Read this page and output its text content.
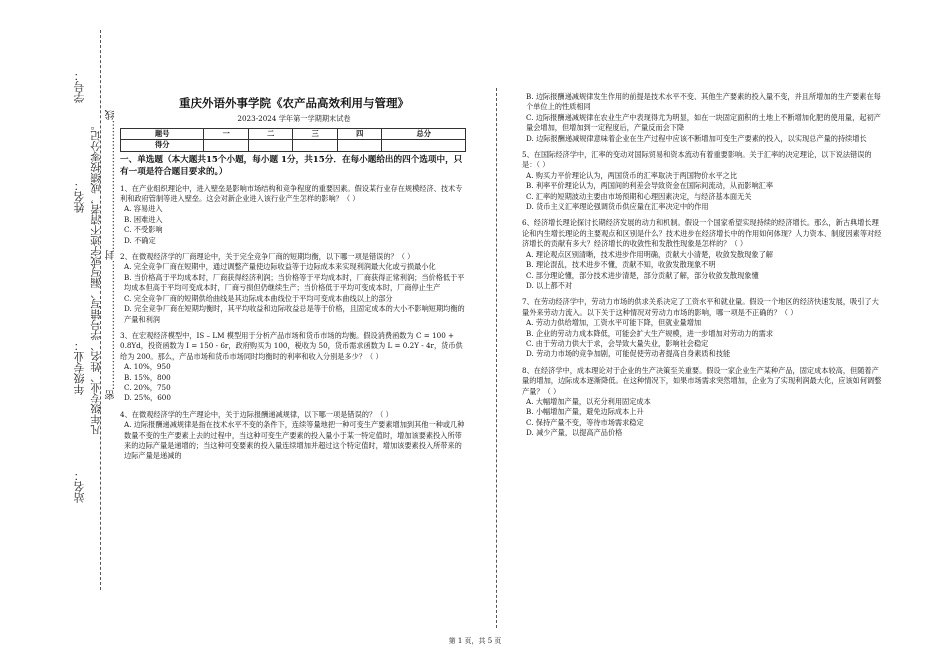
学号：
姓名：
年级专业：
站名：
凡年级专业、姓名、学号错写、漏写或字迹不清者，成绩按零分记。 密…………………………………封…………………………………线
重庆外语外事学院《农产品高效利用与管理》
2023-2024 学年第一学期期末试卷
题号	一	二	三	四	总分
得分					
一、单选题（本大题共15个小题，每小题 1分，共15分．在每小题给出的四个选项中，只有一项是符合题目要求的。）

1、在产业组织理论中，进入壁垒是影响市场结构和竞争程度的重要因素。假设某行业存在规模经济、技术专利和政府管制等进入壁垒。这会对新企业进入该行业产生怎样的影响？（ ）

A. 容易进入

B. 困难进入

C. 不受影响

D. 不确定

2、在微观经济学的厂商理论中，关于完全竞争厂商的短期均衡，以下哪一项是错误的？（ ）

A. 完全竞争厂商在短期中，通过调整产量使边际收益等于边际成本来实现利润最大化或亏损最小化

B. 当价格高于平均成本时，厂商获得经济利润；当价格等于平均成本时，厂商获得正常利润；当价格低于平均成本但高于平均可变成本时，厂商亏损但仍继续生产；当价格低于平均可变成本时，厂商停止生产

C. 完全竞争厂商的短期供给曲线是其边际成本曲线位于平均可变成本曲线以上的部分

D. 完全竞争厂商在短期均衡时，其平均收益和边际收益总是等于价格，且固定成本的大小不影响短期均衡的产量和利润

3、在宏观经济模型中，IS – LM 模型用于分析产品市场和货币市场的均衡。假设消费函数为 C = 100 + 0.8Yd，投资函数为 I = 150 - 6r，政府购买为 100，税收为 50，货币需求函数为 L = 0.2Y - 4r，货币供给为 200。那么，产品市场和货币市场同时均衡时的利率和收入分别是多少？（ ）

A. 10%，950

B. 15%，800

C. 20%，750

D. 25%，600

4、在微观经济学的生产理论中，关于边际报酬递减规律，以下哪一项是错误的？（ ）

A. 边际报酬递减规律是指在技术水平不变的条件下，连续等量地把一种可变生产要素增加到其他一种或几种数量不变的生产要素上去的过程中，当这种可变生产要素的投入量小于某一特定值时，增加该要素投入所带来的边际产量是递增的；当这种可变要素的投入量连续增加并超过这个特定值时，增加该要素投入所带来的边际产量是递减的

B. 边际报酬递减规律发生作用的前提是技术水平不变、其他生产要素的投入量不变，并且所增加的生产要素在每个单位上的性质相同

C. 边际报酬递减规律在农业生产中表现得尤为明显，如在一块固定面积的土地上不断增加化肥的使用量，起初产量会增加，但增加到一定程度后，产量反而会下降

D. 边际报酬递减规律意味着企业在生产过程中应该不断增加可变生产要素的投入，以实现总产量的持续增长

5、在国际经济学中，汇率的变动对国际贸易和资本流动有着重要影响。关于汇率的决定理论，以下说法错误的是：（ ）

A. 购买力平价理论认为，两国货币的汇率取决于两国物价水平之比

B. 利率平价理论认为，两国间的利差会导致资金在国际间流动，从而影响汇率

C. 汇率的短期波动主要由市场预期和心理因素决定，与经济基本面无关

D. 货币主义汇率理论强调货币供应量在汇率决定中的作用

6、经济增长理论探讨长期经济发展的动力和机制。假设一个国家希望实现持续的经济增长。那么，新古典增长理论和内生增长理论的主要观点和区别是什么？技术进步在经济增长中的作用如何体现？人力资本、制度因素等对经济增长的贡献有多大？经济增长的收敛性和发散性现象是怎样的？（ ）

A. 理论观点区别清晰，技术进步作用明确，贡献大小清楚，收敛发散现象了解

B. 理论混乱，技术进步不懂，贡献不知，收敛发散现象不明

C. 部分理论懂，部分技术进步清楚，部分贡献了解，部分收敛发散现象懂

D. 以上都不对

7、在劳动经济学中，劳动力市场的供求关系决定了工资水平和就业量。假设一个地区的经济快速发展，吸引了大量外来劳动力流入。以下关于这种情况对劳动力市场的影响，哪一项是不正确的？（ ）

A. 劳动力供给增加，工资水平可能下降，但就业量增加

B. 企业的劳动力成本降低，可能会扩大生产规模，进一步增加对劳动力的需求

C. 由于劳动力供大于求，会导致大量失业，影响社会稳定

D. 劳动力市场的竞争加剧，可能促使劳动者提高自身素质和技能

8、在经济学中，成本理论对于企业的生产决策至关重要。假设一家企业生产某种产品，固定成本较高，但随着产量的增加，边际成本逐渐降低。在这种情况下，如果市场需求突然增加，企业为了实现利润最大化，应该如何调整产量？（ ）

A. 大幅增加产量，以充分利用固定成本

B. 小幅增加产量，避免边际成本上升

C. 保持产量不变，等待市场需求稳定

D. 减少产量，以提高产品价格

第 1 页，共 5 页
